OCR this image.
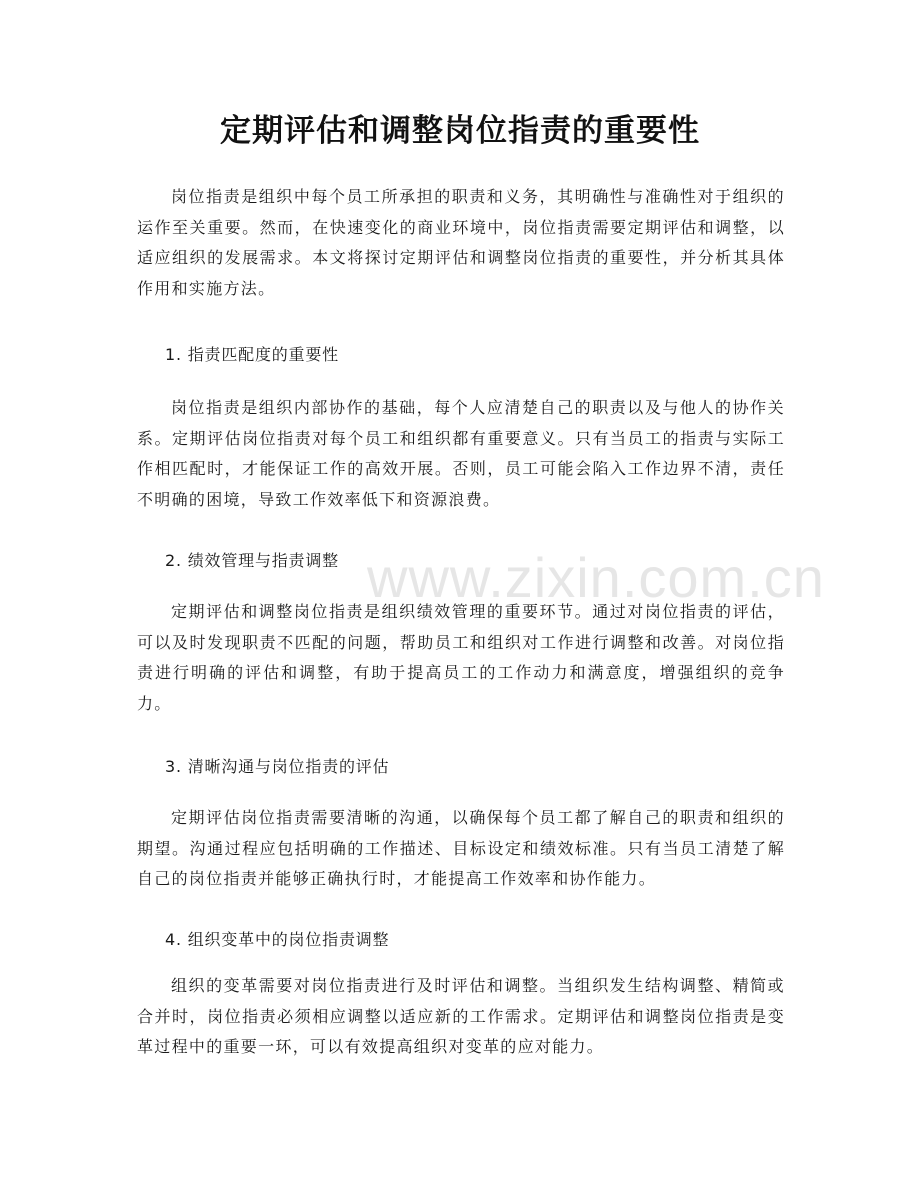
定期评估和调整岗位指责的重要性

岗位指责是组织中每个员工所承担的职责和义务，其明确性与准确性对于组织的运作至关重要。然而，在快速变化的商业环境中，岗位指责需要定期评估和调整，以适应组织的发展需求。本文将探讨定期评估和调整岗位指责的重要性，并分析其具体作用和实施方法。

1. 指责匹配度的重要性

岗位指责是组织内部协作的基础，每个人应清楚自己的职责以及与他人的协作关系。定期评估岗位指责对每个员工和组织都有重要意义。只有当员工的指责与实际工作相匹配时，才能保证工作的高效开展。否则，员工可能会陷入工作边界不清，责任不明确的困境，导致工作效率低下和资源浪费。

2. 绩效管理与指责调整

定期评估和调整岗位指责是组织绩效管理的重要环节。通过对岗位指责的评估，可以及时发现职责不匹配的问题，帮助员工和组织对工作进行调整和改善。对岗位指责进行明确的评估和调整，有助于提高员工的工作动力和满意度，增强组织的竞争力。

3. 清晰沟通与岗位指责的评估

定期评估岗位指责需要清晰的沟通，以确保每个员工都了解自己的职责和组织的期望。沟通过程应包括明确的工作描述、目标设定和绩效标准。只有当员工清楚了解自己的岗位指责并能够正确执行时，才能提高工作效率和协作能力。

4. 组织变革中的岗位指责调整

组织的变革需要对岗位指责进行及时评估和调整。当组织发生结构调整、精简或合并时，岗位指责必须相应调整以适应新的工作需求。定期评估和调整岗位指责是变革过程中的重要一环，可以有效提高组织对变革的应对能力。

www.zixin.com.cn
